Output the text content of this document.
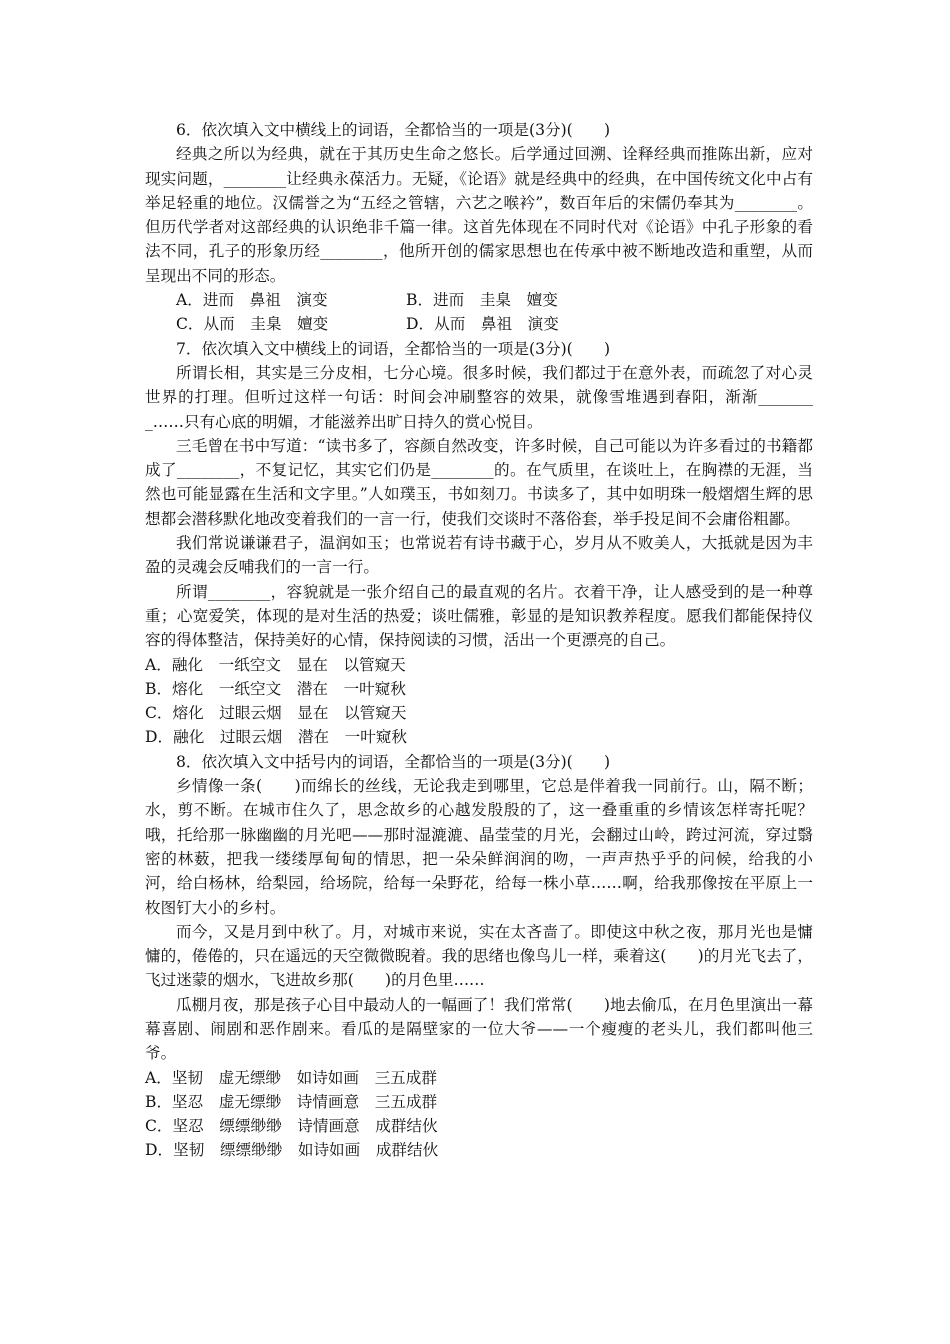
6．依次填入文中横线上的词语，全都恰当的一项是(3分)(　　)

经典之所以为经典，就在于其历史生命之悠长。后学通过回溯、诠释经典而推陈出新，应对现实问题，________让经典永葆活力。无疑，《论语》就是经典中的经典，在中国传统文化中占有举足轻重的地位。汉儒誉之为“五经之管辖，六艺之喉衿”，数百年后的宋儒仍奉其为________。但历代学者对这部经典的认识绝非千篇一律。这首先体现在不同时代对《论语》中孔子形象的看法不同，孔子的形象历经________，他所开创的儒家思想也在传承中被不断地改造和重塑，从而呈现出不同的形态。

A．进而　鼻祖　演变	B．进而　圭臬　嬗变
C．从而　圭臬　嬗变	D．从而　鼻祖　演变

7．依次填入文中横线上的词语，全都恰当的一项是(3分)(　　)

所谓长相，其实是三分皮相，七分心境。很多时候，我们都过于在意外表，而疏忽了对心灵世界的打理。但听过这样一句话：时间会冲刷整容的效果，就像雪堆遇到春阳，渐渐________……只有心底的明媚，才能滋养出旷日持久的赏心悦目。

三毛曾在书中写道：“读书多了，容颜自然改变，许多时候，自己可能以为许多看过的书籍都成了________，不复记忆，其实它们仍是________的。在气质里，在谈吐上，在胸襟的无涯，当然也可能显露在生活和文字里。”人如璞玉，书如刻刀。书读多了，其中如明珠一般熠熠生辉的思想都会潜移默化地改变着我们的一言一行，使我们交谈时不落俗套，举手投足间不会庸俗粗鄙。

我们常说谦谦君子，温润如玉；也常说若有诗书藏于心，岁月从不败美人，大抵就是因为丰盈的灵魂会反哺我们的一言一行。

所谓________，容貌就是一张介绍自己的最直观的名片。衣着干净，让人感受到的是一种尊重；心宽爱笑，体现的是对生活的热爱；谈吐儒雅，彰显的是知识教养程度。愿我们都能保持仪容的得体整洁，保持美好的心情，保持阅读的习惯，活出一个更漂亮的自己。

A．融化　一纸空文　显在　以管窥天

B．熔化　一纸空文　潜在　一叶窥秋

C．熔化　过眼云烟　显在　以管窥天

D．融化　过眼云烟　潜在　一叶窥秋

8．依次填入文中括号内的词语，全都恰当的一项是(3分)(　　)

乡情像一条(　　)而绵长的丝线，无论我走到哪里，它总是伴着我一同前行。山，隔不断；水，剪不断。在城市住久了，思念故乡的心越发殷殷的了，这一叠重重的乡情该怎样寄托呢？哦，托给那一脉幽幽的月光吧——那时湿漉漉、晶莹莹的月光，会翻过山岭，跨过河流，穿过翳密的林薮，把我一缕缕厚甸甸的情思，把一朵朵鲜润润的吻，一声声热乎乎的问候，给我的小河，给白杨林，给梨园，给场院，给每一朵野花，给每一株小草……啊，给我那像按在平原上一枚图钉大小的乡村。

而今，又是月到中秋了。月，对城市来说，实在太吝啬了。即使这中秋之夜，那月光也是慵慵的，倦倦的，只在遥远的天空微微睨着。我的思绪也像鸟儿一样，乘着这(　　)的月光飞去了，飞过迷蒙的烟水，飞进故乡那(　　)的月色里……

瓜棚月夜，那是孩子心目中最动人的一幅画了！我们常常(　　)地去偷瓜，在月色里演出一幕幕喜剧、闹剧和恶作剧来。看瓜的是隔壁家的一位大爷——一个瘦瘦的老头儿，我们都叫他三爷。

A．坚韧　虚无缥缈　如诗如画　三五成群

B．坚忍　虚无缥缈　诗情画意　三五成群

C．坚忍　缥缥缈缈　诗情画意　成群结伙

D．坚韧　缥缥缈缈　如诗如画　成群结伙
